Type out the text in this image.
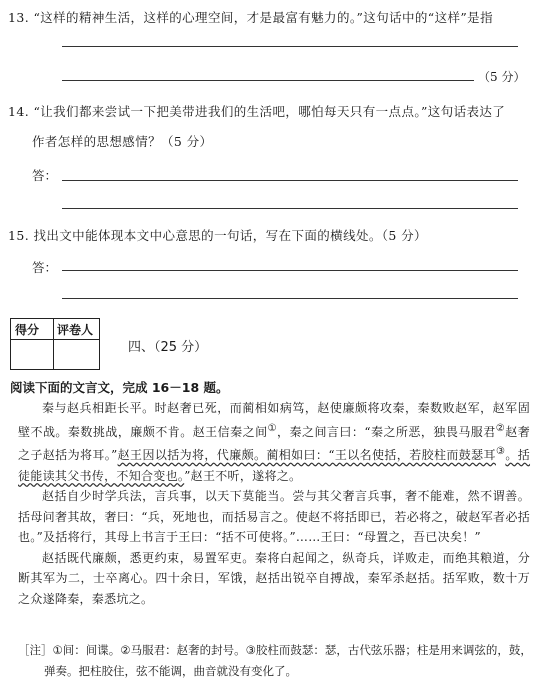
13. “这样的精神生活，这样的心理空间，才是最富有魅力的。”这句话中的“这样”是指
（5 分）
14. “让我们都来尝试一下把美带进我们的生活吧，哪怕每天只有一点点。”这句话表达了
作者怎样的思想感情？（5 分）
答：
15. 找出文中能体现本文中心意思的一句话，写在下面的横线处。（5 分）
答：
得分 评卷人
四、（25 分）
阅读下面的文言文，完成 16－18 题。

秦与赵兵相距长平。时赵奢已死，而蔺相如病笃，赵使廉颇将攻秦，秦数败赵军，赵军固壁不战。秦数挑战，廉颇不肯。赵王信秦之间①，秦之间言曰：“秦之所恶，独畏马服君②赵奢之子赵括为将耳。”赵王因以括为将，代廉颇。蔺相如曰：“王以名使括，若胶柱而鼓瑟耳③。括徒能读其父书传，不知合变也。”赵王不听，遂将之。

赵括自少时学兵法，言兵事，以天下莫能当。尝与其父奢言兵事，奢不能难，然不谓善。括母问奢其故，奢曰：“兵，死地也，而括易言之。使赵不将括即已，若必将之，破赵军者必括也。”及括将行，其母上书言于王曰：“括不可使将。”……王曰：“母置之，吾已决矣！”

赵括既代廉颇，悉更约束，易置军吏。秦将白起闻之，纵奇兵，详败走，而绝其粮道，分断其军为二，士卒离心。四十余日，军饿，赵括出锐卒自搏战，秦军杀赵括。括军败，数十万之众遂降秦，秦悉坑之。

［注］①间：间谍。②马服君：赵奢的封号。③胶柱而鼓瑟：瑟，古代弦乐器；柱是用来调弦的，鼓，

弹奏。把柱胶住，弦不能调，曲音就没有变化了。
